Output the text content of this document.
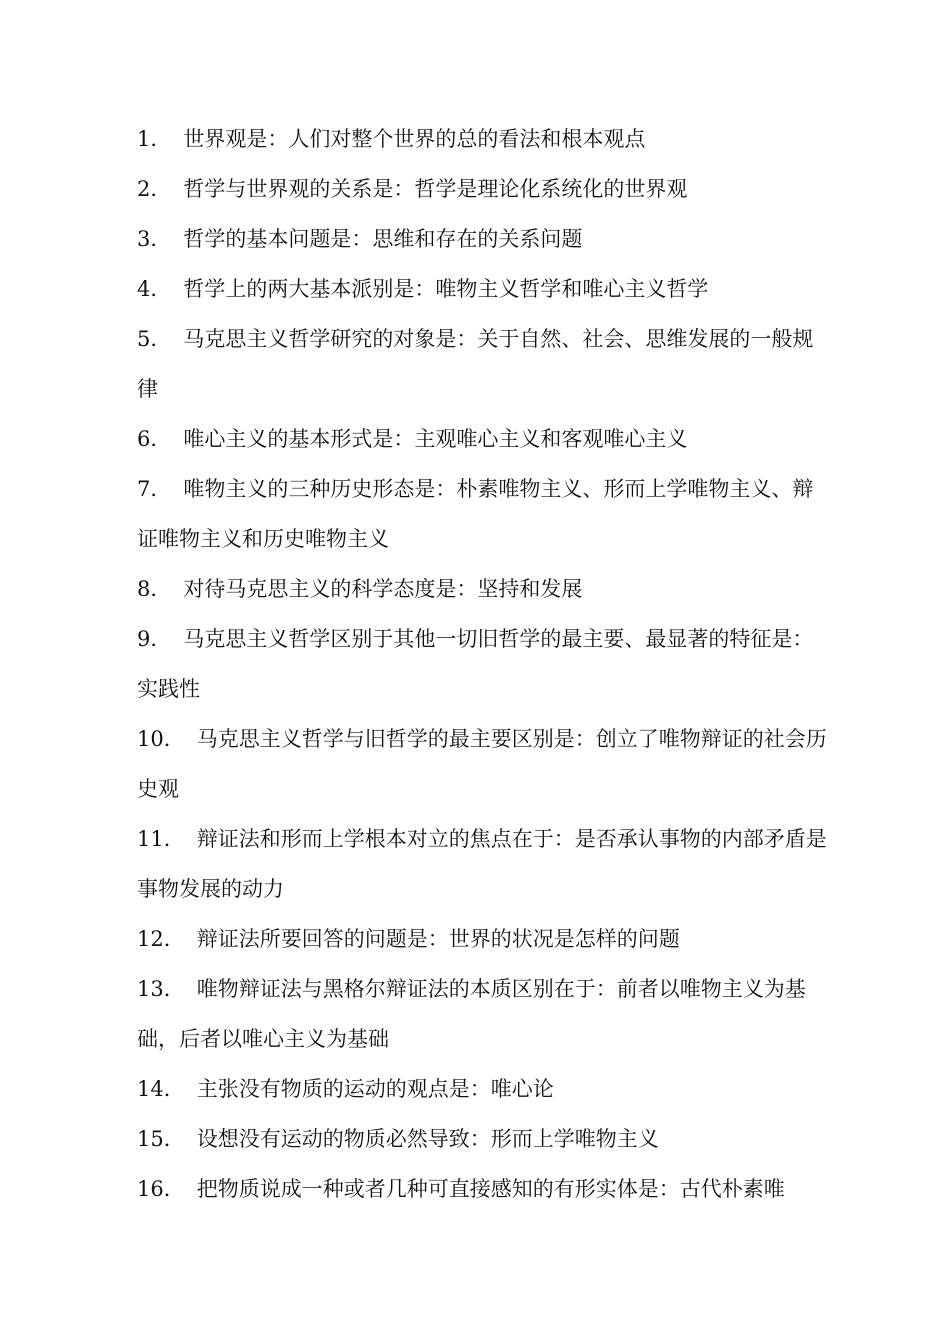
1． 世界观是：人们对整个世界的总的看法和根本观点

2． 哲学与世界观的关系是：哲学是理论化系统化的世界观

3． 哲学的基本问题是：思维和存在的关系问题

4． 哲学上的两大基本派别是：唯物主义哲学和唯心主义哲学

5． 马克思主义哲学研究的对象是：关于自然、社会、思维发展的一般规律

6． 唯心主义的基本形式是：主观唯心主义和客观唯心主义

7． 唯物主义的三种历史形态是：朴素唯物主义、形而上学唯物主义、辩证唯物主义和历史唯物主义

8． 对待马克思主义的科学态度是：坚持和发展

9． 马克思主义哲学区别于其他一切旧哲学的最主要、最显著的特征是：实践性

10． 马克思主义哲学与旧哲学的最主要区别是：创立了唯物辩证的社会历史观

11． 辩证法和形而上学根本对立的焦点在于：是否承认事物的内部矛盾是事物发展的动力

12． 辩证法所要回答的问题是：世界的状况是怎样的问题

13． 唯物辩证法与黑格尔辩证法的本质区别在于：前者以唯物主义为基础，后者以唯心主义为基础

14． 主张没有物质的运动的观点是：唯心论

15． 设想没有运动的物质必然导致：形而上学唯物主义

16． 把物质说成一种或者几种可直接感知的有形实体是：古代朴素唯
